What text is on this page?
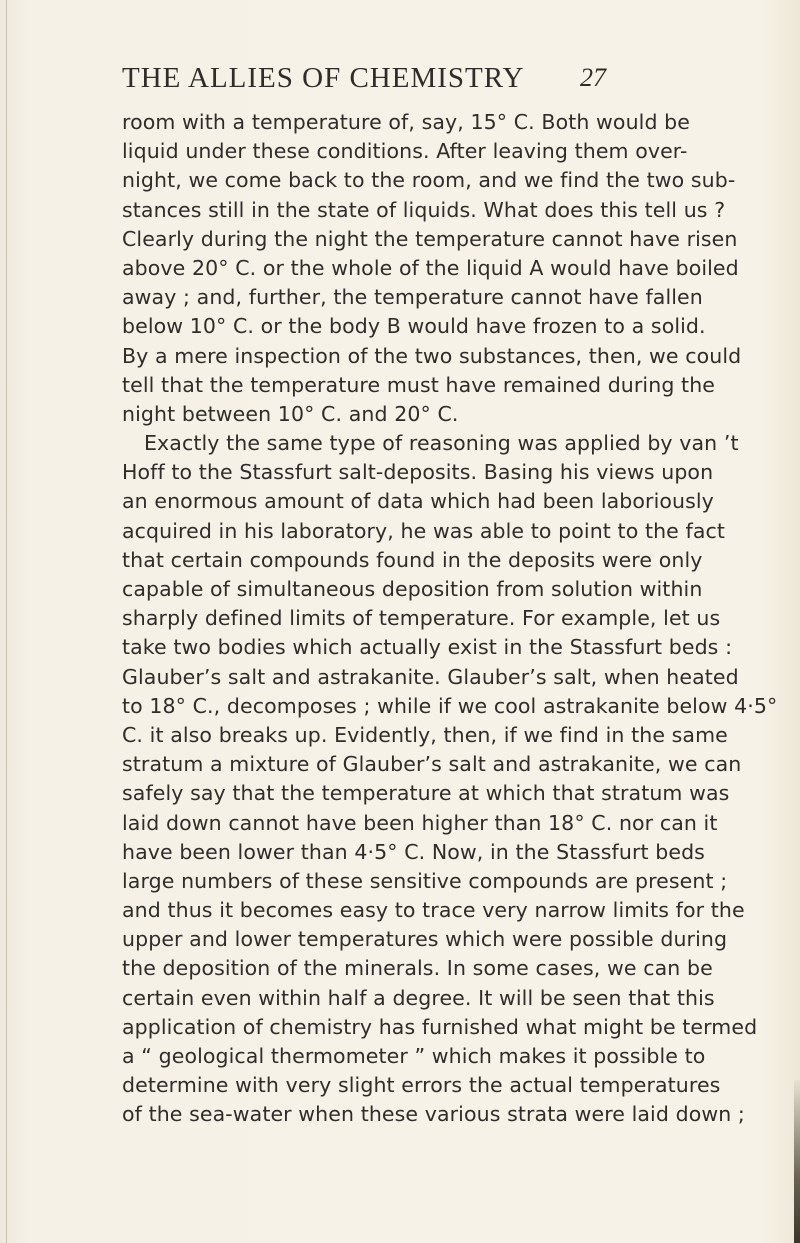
THE ALLIES OF CHEMISTRY 27
room with a temperature of, say, 15° C. Both would be
liquid under these conditions. After leaving them over-
night, we come back to the room, and we find the two sub-
stances still in the state of liquids. What does this tell us ?
Clearly during the night the temperature cannot have risen
above 20° C. or the whole of the liquid A would have boiled
away ; and, further, the temperature cannot have fallen
below 10° C. or the body B would have frozen to a solid.
By a mere inspection of the two substances, then, we could
tell that the temperature must have remained during the
night between 10° C. and 20° C.
Exactly the same type of reasoning was applied by van ’t
Hoff to the Stassfurt salt-deposits. Basing his views upon
an enormous amount of data which had been laboriously
acquired in his laboratory, he was able to point to the fact
that certain compounds found in the deposits were only
capable of simultaneous deposition from solution within
sharply defined limits of temperature. For example, let us
take two bodies which actually exist in the Stassfurt beds :
Glauber’s salt and astrakanite. Glauber’s salt, when heated
to 18° C., decomposes ; while if we cool astrakanite below 4·5°
C. it also breaks up. Evidently, then, if we find in the same
stratum a mixture of Glauber’s salt and astrakanite, we can
safely say that the temperature at which that stratum was
laid down cannot have been higher than 18° C. nor can it
have been lower than 4·5° C. Now, in the Stassfurt beds
large numbers of these sensitive compounds are present ;
and thus it becomes easy to trace very narrow limits for the
upper and lower temperatures which were possible during
the deposition of the minerals. In some cases, we can be
certain even within half a degree. It will be seen that this
application of chemistry has furnished what might be termed
a “ geological thermometer ” which makes it possible to
determine with very slight errors the actual temperatures
of the sea-water when these various strata were laid down ;
